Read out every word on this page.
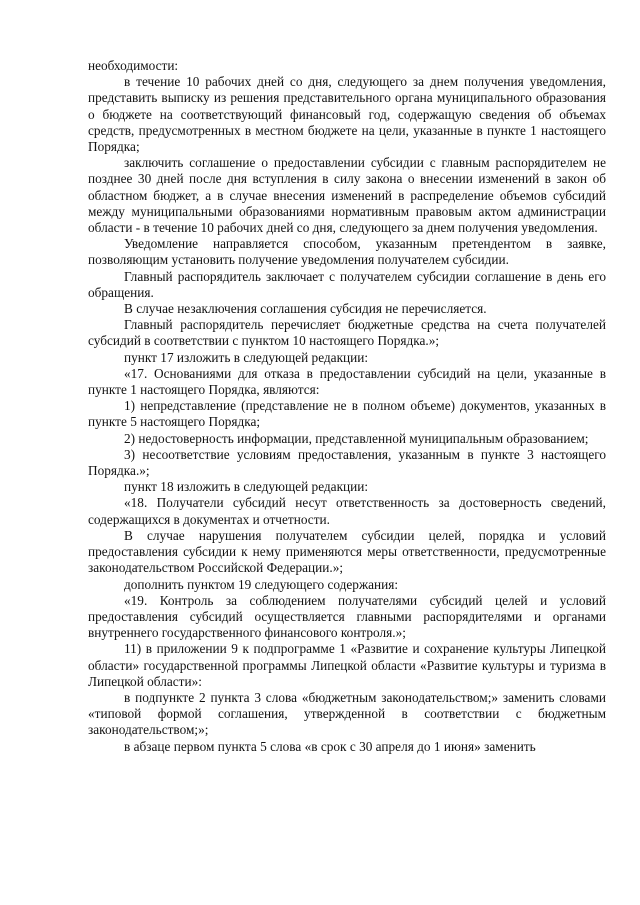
необходимости:

в течение 10 рабочих дней со дня, следующего за днем получения уведомления, представить выписку из решения представительного органа муниципального образования о бюджете на соответствующий финансовый год, содержащую сведения об объемах средств, предусмотренных в местном бюджете на цели, указанные в пункте 1 настоящего Порядка;

заключить соглашение о предоставлении субсидии с главным распорядителем не позднее 30 дней после дня вступления в силу закона о внесении изменений в закон об областном бюджет, а в случае внесения изменений в распределение объемов субсидий между муниципальными образованиями нормативным правовым актом администрации области - в течение 10 рабочих дней со дня, следующего за днем получения уведомления.

Уведомление направляется способом, указанным претендентом в заявке, позволяющим установить получение уведомления получателем субсидии.

Главный распорядитель заключает с получателем субсидии соглашение в день его обращения.

В случае незаключения соглашения субсидия не перечисляется.

Главный распорядитель перечисляет бюджетные средства на счета получателей субсидий в соответствии с пунктом 10 настоящего Порядка.»;

пункт 17 изложить в следующей редакции:

«17. Основаниями для отказа в предоставлении субсидий на цели, указанные в пункте 1 настоящего Порядка, являются:

1) непредставление (представление не в полном объеме) документов, указанных в пункте 5 настоящего Порядка;

2) недостоверность информации, представленной муниципальным образованием;

3) несоответствие условиям предоставления, указанным в пункте 3 настоящего Порядка.»;

пункт 18 изложить в следующей редакции:

«18. Получатели субсидий несут ответственность за достоверность сведений, содержащихся в документах и отчетности.

В случае нарушения получателем субсидии целей, порядка и условий предоставления субсидии к нему применяются меры ответственности, предусмотренные законодательством Российской Федерации.»;

дополнить пунктом 19 следующего содержания:

«19. Контроль за соблюдением получателями субсидий целей и условий предоставления субсидий осуществляется главными распорядителями и органами внутреннего государственного финансового контроля.»;

11) в приложении 9 к подпрограмме 1 «Развитие и сохранение культуры Липецкой области» государственной программы Липецкой области «Развитие культуры и туризма в Липецкой области»:

в подпункте 2 пункта 3 слова «бюджетным законодательством;» заменить словами «типовой формой соглашения, утвержденной в соответствии с бюджетным законодательством;»;

в абзаце первом пункта 5 слова «в срок с 30 апреля до 1 июня» заменить
